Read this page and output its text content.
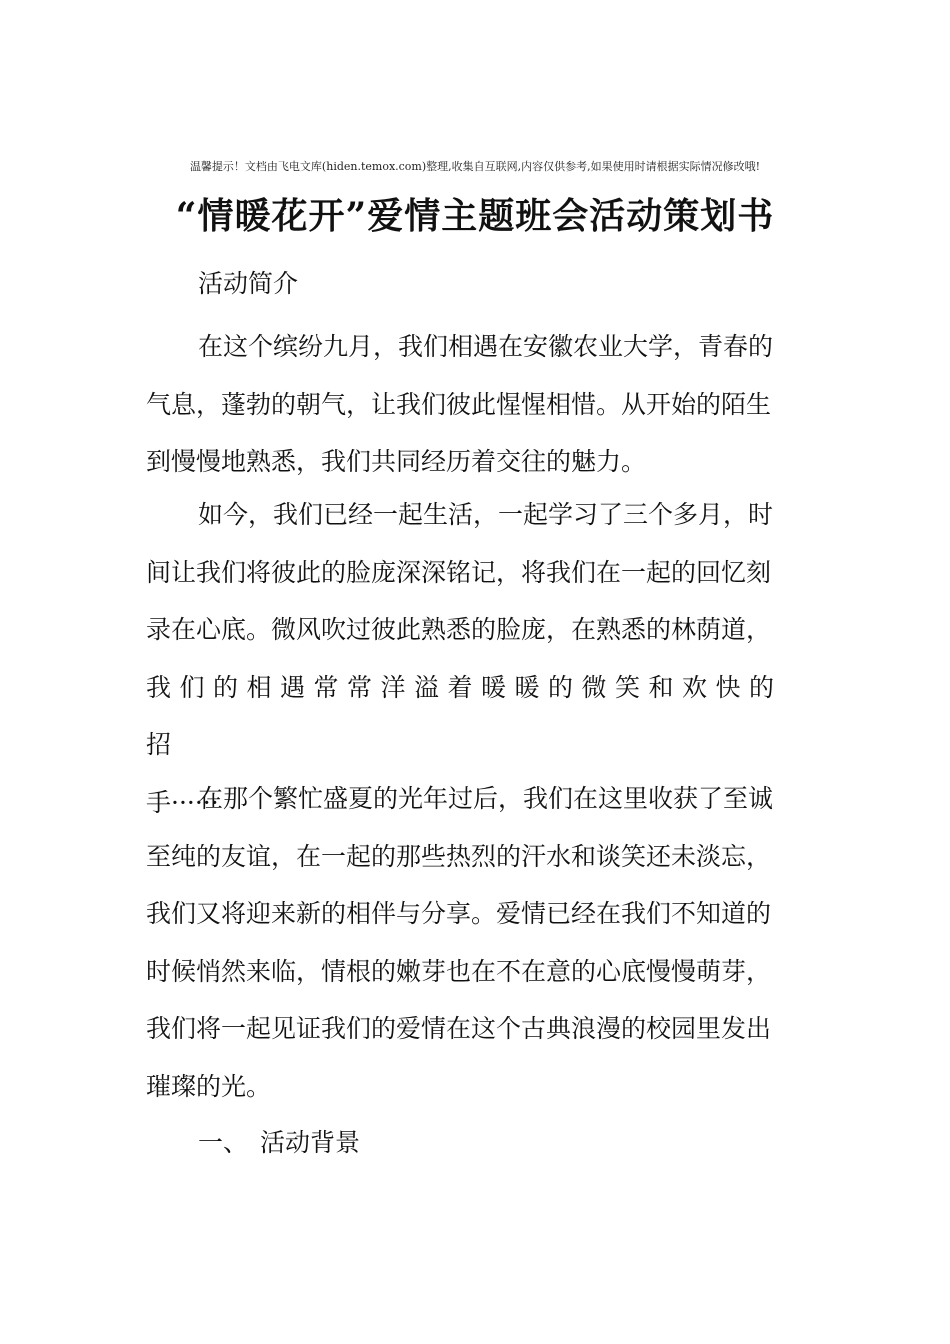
温馨提示！文档由飞电文库(hiden.temox.com)整理,收集自互联网,内容仅供参考,如果使用时请根据实际情况修改哦!
“情暖花开”爱情主题班会活动策划书
活动简介
在这个缤纷九月，我们相遇在安徽农业大学，青春的
气息，蓬勃的朝气，让我们彼此惺惺相惜。从开始的陌生
到慢慢地熟悉，我们共同经历着交往的魅力。
如今，我们已经一起生活，一起学习了三个多月，时
间让我们将彼此的脸庞深深铭记，将我们在一起的回忆刻
录在心底。微风吹过彼此熟悉的脸庞，在熟悉的林荫道，
我们的相遇常常洋溢着暖暖的微笑和欢快的招
手······
在那个繁忙盛夏的光年过后，我们在这里收获了至诚
至纯的友谊，在一起的那些热烈的汗水和谈笑还未淡忘，
我们又将迎来新的相伴与分享。爱情已经在我们不知道的
时候悄然来临，情根的嫩芽也在不在意的心底慢慢萌芽，
我们将一起见证我们的爱情在这个古典浪漫的校园里发出
璀璨的光。
一、 活动背景
